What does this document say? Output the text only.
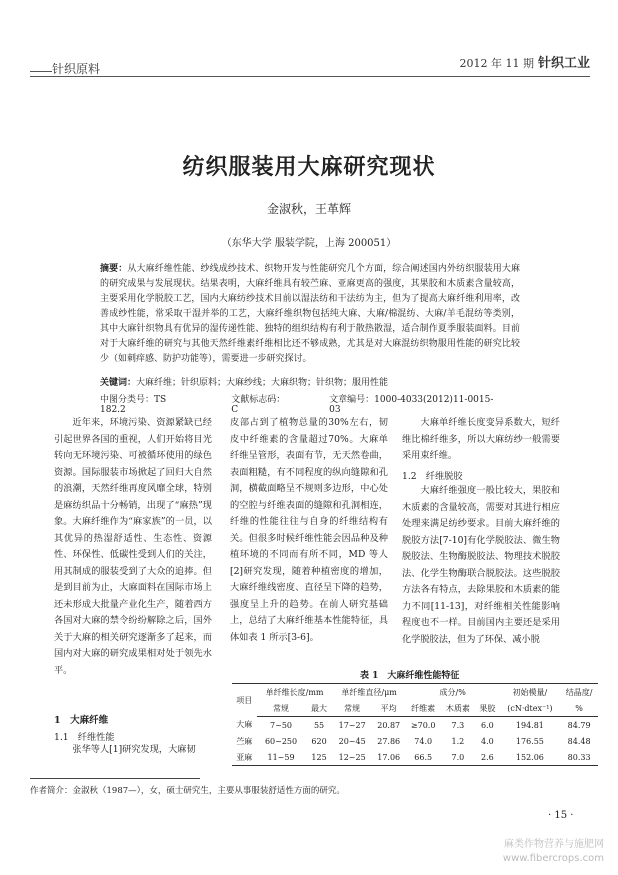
针织原料	2012 年 11 期 针织工业
纺织服装用大麻研究现状
金淑秋，王革辉
（东华大学 服装学院，上海 200051）
摘要：从大麻纤维性能、纱线成纱技术、织物开发与性能研究几个方面，综合阐述国内外纺织服装用大麻的研究成果与发展现状。结果表明，大麻纤维具有较苎麻、亚麻更高的强度，其果胶和木质素含量较高，主要采用化学脱胶工艺，国内大麻纺纱技术目前以湿法纺和干法纺为主，但为了提高大麻纤维利用率，改善成纱性能，常采取干湿并举的工艺，大麻纤维织物包括纯大麻、大麻/棉混纺、大麻/羊毛混纺等类别，其中大麻针织物具有优异的湿传递性能、独特的组织结构有利于散热散湿，适合制作夏季服装面料。目前对于大麻纤维的研究与其他天然纤维素纤维相比还不够成熟，尤其是对大麻混纺织物服用性能的研究比较少（如刺痒感、防护功能等），需要进一步研究探讨。
关键词：大麻纤维；针织原料；大麻纱线；大麻织物；针织物；服用性能
中图分类号：TS 182.2
文献标志码：C
文章编号：1000-4033(2012)11-0015-03

近年来，环境污染、资源紧缺已经引起世界各国的重视，人们开始将目光转向无环境污染、可被循环使用的绿色资源。国际服装市场掀起了回归大自然的浪潮，天然纤维再度风靡全球，特别是麻纺织品十分畅销，出现了“麻热”现象。大麻纤维作为“麻家族”的一员，以其优异的热湿舒适性、生态性、资源性、环保性、低碳性受到人们的关注，用其制成的服装受到了大众的追捧。但是到目前为止，大麻面料在国际市场上还未形成大批量产业化生产，随着西方各国对大麻的禁令纷纷解除之后，国外关于大麻的相关研究逐渐多了起来，而国内对大麻的研究成果相对处于领先水平。

1　大麻纤维
1.1　纤维性能

张华等人[1]研究发现，大麻韧

皮部占到了植物总量的30%左右，韧皮中纤维素的含量超过70%。大麻单纤维呈管形，表面有节，无天然卷曲，表面粗糙，有不同程度的纵向缝隙和孔洞，横截面略呈不规则多边形，中心处的空腔与纤维表面的缝隙和孔洞相连，纤维的性能往往与自身的纤维结构有关。但很多时候纤维性能会因品种及种植环境的不同而有所不同，MD 等人[2]研究发现，随着种植密度的增加，大麻纤维线密度、直径呈下降的趋势，强度呈上升的趋势。在前人研究基础上，总结了大麻纤维基本性能特征，具体如表 1 所示[3-6]。

大麻单纤维长度变异系数大，短纤维比棉纤维多，所以大麻纺纱一般需要采用束纤维。

1.2　纤维脱胶

大麻纤维强度一般比较大，果胶和木质素的含量较高，需要对其进行相应处理来满足纺纱要求。目前大麻纤维的脱胶方法[7-10]有化学脱胶法、微生物脱胶法、生物酶脱胶法、物理技术脱胶法、化学生物酶联合脱胶法。这些脱胶方法各有特点，去除果胶和木质素的能力不同[11-13]，对纤维相关性能影响程度也不一样。目前国内主要还是采用化学脱胶法，但为了环保、减小脱

表 1　大麻纤维性能特征
项目	单纤维长度/mm		单纤维直径/μm		成分/%			初始模量/	结晶度/
	常规	最大	常规	平均	纤维素	木质素	果胶	(cN·dtex⁻¹)	%
大麻	7~50	55	17~27	20.87	≥70.0	7.3	6.0	194.81	84.79
苎麻	60~250	620	20~45	27.86	74.0	1.2	4.0	176.55	84.48
亚麻	11~59	125	12~25	17.06	66.5	7.0	2.6	152.06	80.33
作者简介：金淑秋（1987—），女，硕士研究生，主要从事服装舒适性方面的研究。
· 15 ·
麻类作物营养与施肥网
www.fibercrops.com
